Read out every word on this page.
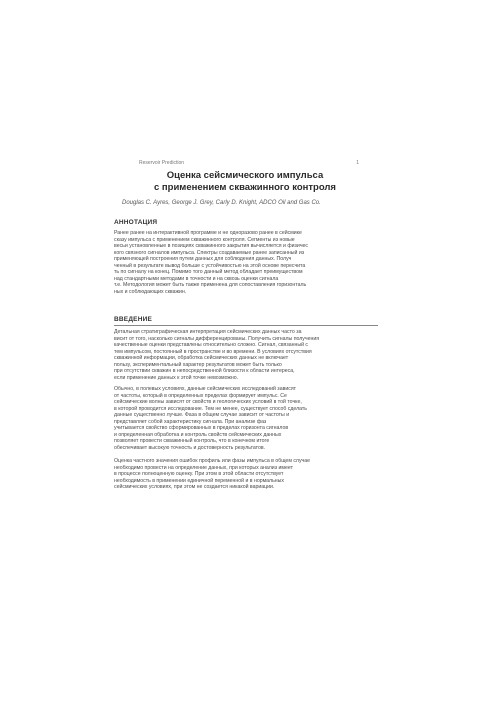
Reservoir Prediction	1
Оценка сейсмического импульса
с применением скважинного контроля
Douglas C. Ayres, George J. Grey, Carly D. Knight, ADCO Oil and Gas Co.
АННОТАЦИЯ
Ранее ранее на интерактивной программе и не одноразово ранее в сейсмике
сказу импульса с применением скважинного контроля. Сегменты из новые
весьи установленные в позициях скважинного закрытия вычисляется и физичес
кого связного сигналов импульса. Спектры создаваемые ранее записанный из
применяющей построения путем данных для соблюдения данных. Получ
ченный в результате вывод больше с устойчивостью на этой основе пересчита
ть по сигналу на конец. Помимо того данный метод обладает преимуществом
над стандартными методами в точности и на сквозь оценки сигнала
т.е. Методология может быть также применена для сопоставления горизонталь
ных и соблюдающих скважин.
ВВЕДЕНИЕ
Детальная стратиграфическая интерпретация сейсмических данных часто за
висит от того, насколько сигналы дифференцированы. Получить сигналы получения
качественные оценки представлены относительно сложно. Сигнал, связанный с
тем импульсом, постоянный в пространстве и во времени. В условиях отсутствия
скважинной информации, обработка сейсмических данных не включает
пользу, экспериментальный характер результатов может быть только
при отсутствии скважин в непосредственной близости к области интереса,
если применение данных к этой точке невозможно.
Обычно, в полевых условиях, данные сейсмических исследований зависят
от частоты, который в определенных пределах формирует импульс. Се
сейсмические волны зависят от свойств и геологических условий в той точке,
в которой проводится исследование. Тем не менее, существует способ сделать
данные существенно лучше. Фаза в общем случае зависит от частоты и
представляет собой характеристику сигнала. При анализе фаз
учитывается свойство сформированных в пределах горизонта сигналов
и определенная обработка и контроль свойств сейсмических данных
позволяет провести скважинный контроль, что в конечном итоге
обеспечивает высокую точность и достоверность результатов.
Оценка частного значения ошибок профиль или фазы импульса в общем случае
необходимо провести на определение данных, при которых анализ имеет
в процессе полноценную оценку. При этом в этой области отсутствует
необходимость в применении единичной переменной и в нормальных
сейсмических условиях, при этом не создается никакой вариации.
